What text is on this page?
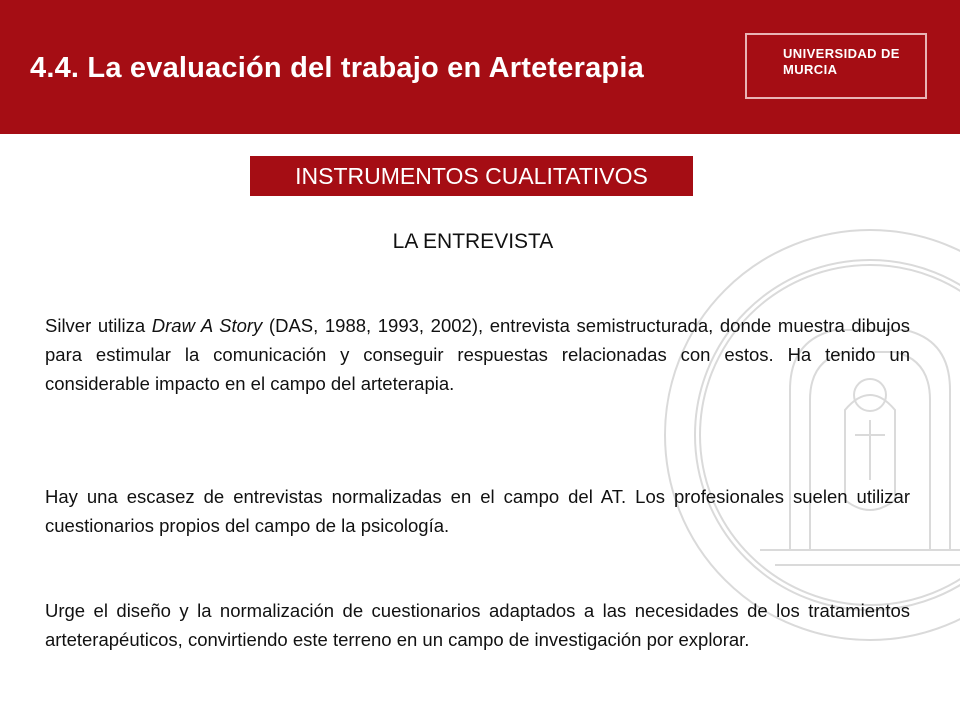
4.4. La evaluación del trabajo en Arteterapia	UNIVERSIDAD DE
MURCIA
INSTRUMENTOS CUALITATIVOS
LA ENTREVISTA
Silver utiliza Draw A Story (DAS, 1988, 1993, 2002), entrevista semistructurada, donde muestra dibujos para estimular la comunicación y conseguir respuestas relacionadas con estos. Ha tenido un considerable impacto en el campo del arteterapia.
Hay una escasez de entrevistas normalizadas en el campo del AT. Los profesionales suelen utilizar cuestionarios propios del campo de la psicología.
Urge el diseño y la normalización de cuestionarios adaptados a las necesidades de los tratamientos arteterapéuticos, convirtiendo este terreno en un campo de investigación por explorar.
